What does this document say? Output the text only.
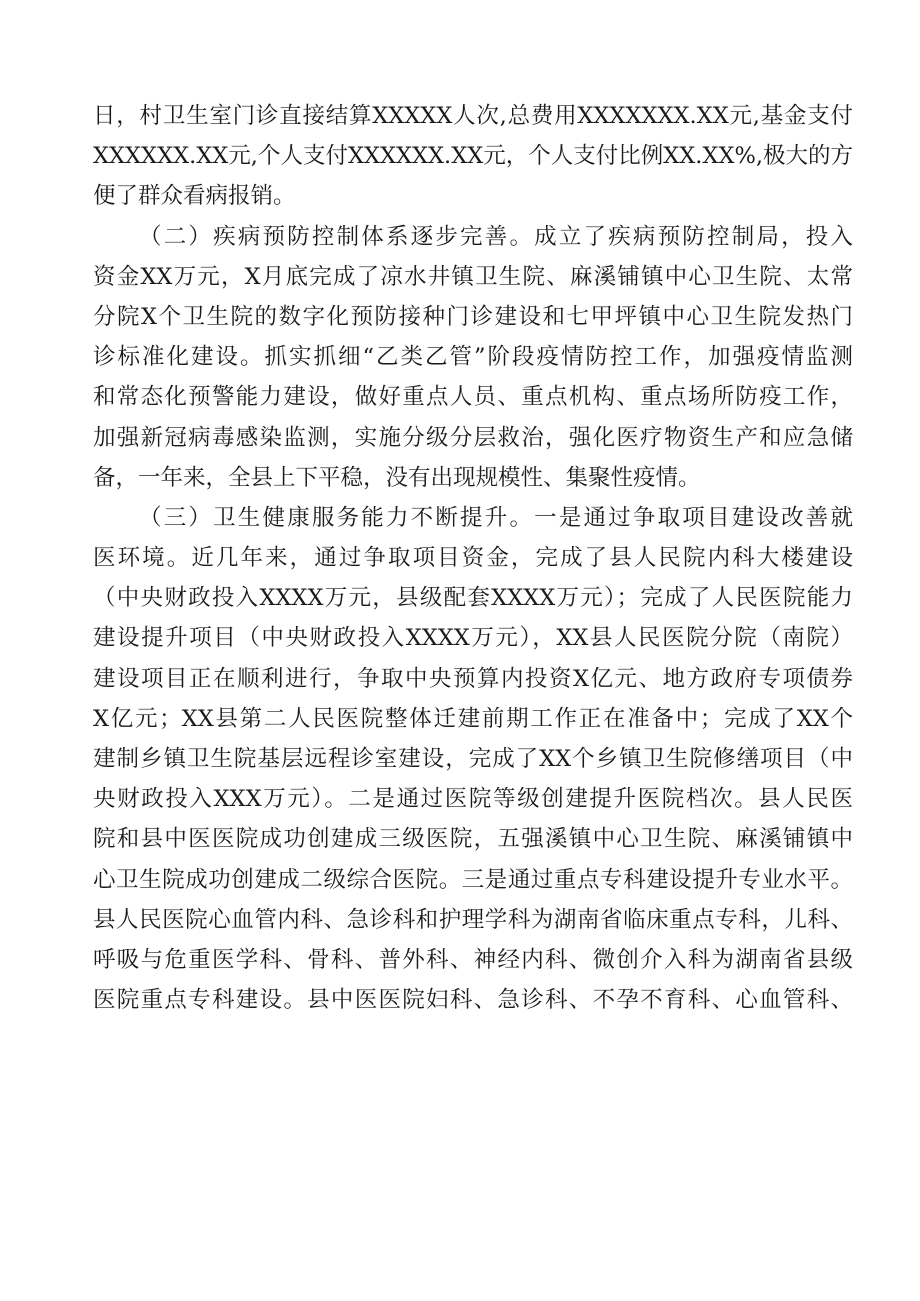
日，村卫生室门诊直接结算XXXXX人次,总费用XXXXXXX.XX元,基金支付
XXXXXX.XX元,个人支付XXXXXX.XX元，个人支付比例XX.XX%,极大的方
便了群众看病报销。
（二）疾病预防控制体系逐步完善。成立了疾病预防控制局，投入
资金XX万元，X月底完成了凉水井镇卫生院、麻溪铺镇中心卫生院、太常
分院X个卫生院的数字化预防接种门诊建设和七甲坪镇中心卫生院发热门
诊标准化建设。抓实抓细“乙类乙管”阶段疫情防控工作，加强疫情监测
和常态化预警能力建设，做好重点人员、重点机构、重点场所防疫工作，
加强新冠病毒感染监测，实施分级分层救治，强化医疗物资生产和应急储
备，一年来，全县上下平稳，没有出现规模性、集聚性疫情。
（三）卫生健康服务能力不断提升。一是通过争取项目建设改善就
医环境。近几年来，通过争取项目资金，完成了县人民院内科大楼建设
（中央财政投入XXXX万元，县级配套XXXX万元）；完成了人民医院能力
建设提升项目（中央财政投入XXXX万元），XX县人民医院分院（南院）
建设项目正在顺利进行，争取中央预算内投资X亿元、地方政府专项债券
X亿元；XX县第二人民医院整体迁建前期工作正在准备中；完成了XX个
建制乡镇卫生院基层远程诊室建设，完成了XX个乡镇卫生院修缮项目（中
央财政投入XXX万元）。二是通过医院等级创建提升医院档次。县人民医
院和县中医医院成功创建成三级医院，五强溪镇中心卫生院、麻溪铺镇中
心卫生院成功创建成二级综合医院。三是通过重点专科建设提升专业水平。
县人民医院心血管内科、急诊科和护理学科为湖南省临床重点专科，儿科、
呼吸与危重医学科、骨科、普外科、神经内科、微创介入科为湖南省县级
医院重点专科建设。县中医医院妇科、急诊科、不孕不育科、心血管科、
